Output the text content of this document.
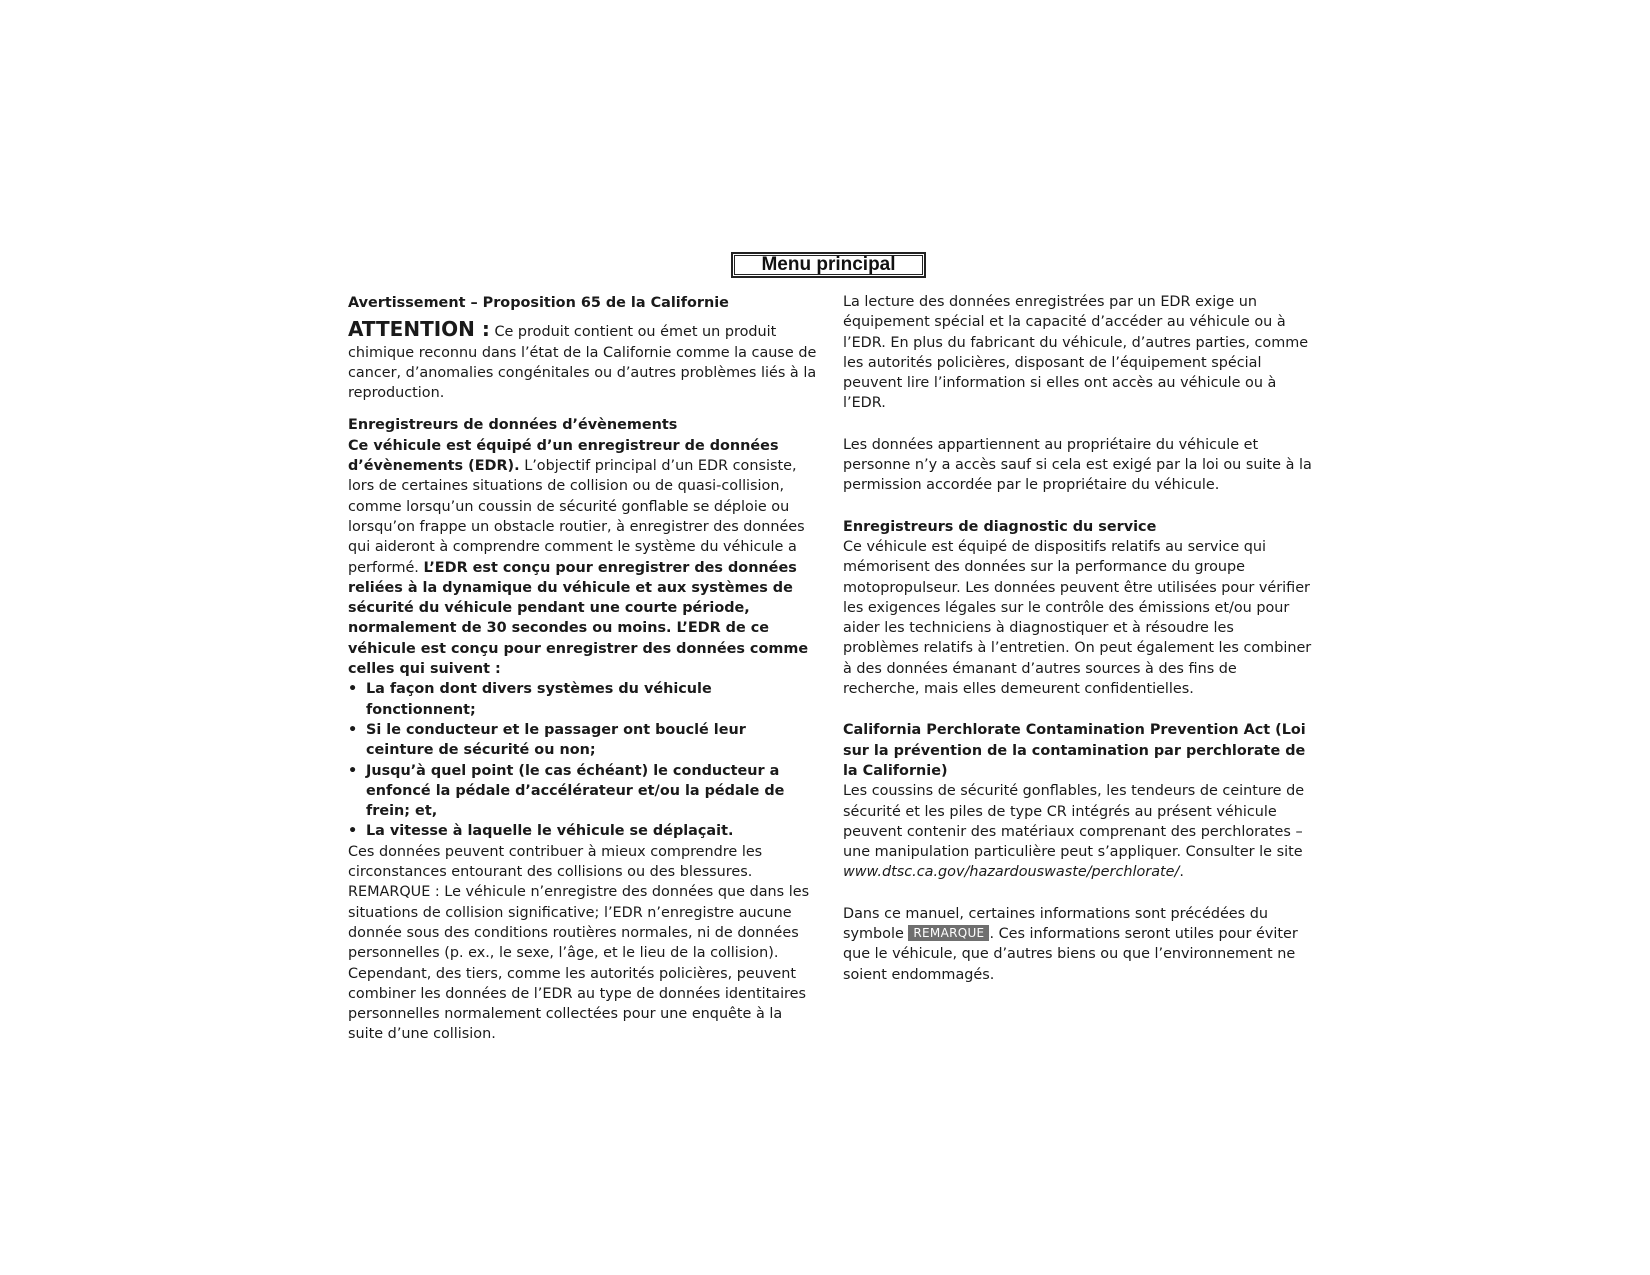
Menu principal

Avertissement – Proposition 65 de la Californie

ATTENTION : Ce produit contient ou émet un produit chimique reconnu dans l’état de la Californie comme la cause de cancer, d’anomalies congénitales ou d’autres problèmes liés à la reproduction.

Enregistreurs de données d’évènements

Ce véhicule est équipé d’un enregistreur de données d’évènements (EDR). L’objectif principal d’un EDR consiste, lors de certaines situations de collision ou de quasi-collision, comme lorsqu’un coussin de sécurité gonflable se déploie ou lorsqu’on frappe un obstacle routier, à enregistrer des données qui aideront à comprendre comment le système du véhicule a performé. L’EDR est conçu pour enregistrer des données reliées à la dynamique du véhicule et aux systèmes de sécurité du véhicule pendant une courte période, normalement de 30 secondes ou moins. L’EDR de ce véhicule est conçu pour enregistrer des données comme celles qui suivent :

• La façon dont divers systèmes du véhicule fonctionnent;
• Si le conducteur et le passager ont bouclé leur ceinture de sécurité ou non;
• Jusqu’à quel point (le cas échéant) le conducteur a enfoncé la pédale d’accélérateur et/ou la pédale de frein; et,
• La vitesse à laquelle le véhicule se déplaçait.

Ces données peuvent contribuer à mieux comprendre les circonstances entourant des collisions ou des blessures.

REMARQUE : Le véhicule n’enregistre des données que dans les situations de collision significative; l’EDR n’enregistre aucune donnée sous des conditions routières normales, ni de données personnelles (p. ex., le sexe, l’âge, et le lieu de la collision). Cependant, des tiers, comme les autorités policières, peuvent combiner les données de l’EDR au type de données identitaires personnelles normalement collectées pour une enquête à la suite d’une collision.

La lecture des données enregistrées par un EDR exige un équipement spécial et la capacité d’accéder au véhicule ou à l’EDR. En plus du fabricant du véhicule, d’autres parties, comme les autorités policières, disposant de l’équipement spécial peuvent lire l’information si elles ont accès au véhicule ou à l’EDR.

Les données appartiennent au propriétaire du véhicule et personne n’y a accès sauf si cela est exigé par la loi ou suite à la permission accordée par le propriétaire du véhicule.

Enregistreurs de diagnostic du service

Ce véhicule est équipé de dispositifs relatifs au service qui mémorisent des données sur la performance du groupe motopropulseur. Les données peuvent être utilisées pour vérifier les exigences légales sur le contrôle des émissions et/ou pour aider les techniciens à diagnostiquer et à résoudre les problèmes relatifs à l’entretien. On peut également les combiner à des données émanant d’autres sources à des fins de recherche, mais elles demeurent confidentielles.

California Perchlorate Contamination Prevention Act (Loi sur la prévention de la contamination par perchlorate de la Californie)

Les coussins de sécurité gonflables, les tendeurs de ceinture de sécurité et les piles de type CR intégrés au présent véhicule peuvent contenir des matériaux comprenant des perchlorates – une manipulation particulière peut s’appliquer. Consulter le site www.dtsc.ca.gov/hazardouswaste/perchlorate/.

Dans ce manuel, certaines informations sont précédées du symbole REMARQUE . Ces informations seront utiles pour éviter que le véhicule, que d’autres biens ou que l’environnement ne soient endommagés.
